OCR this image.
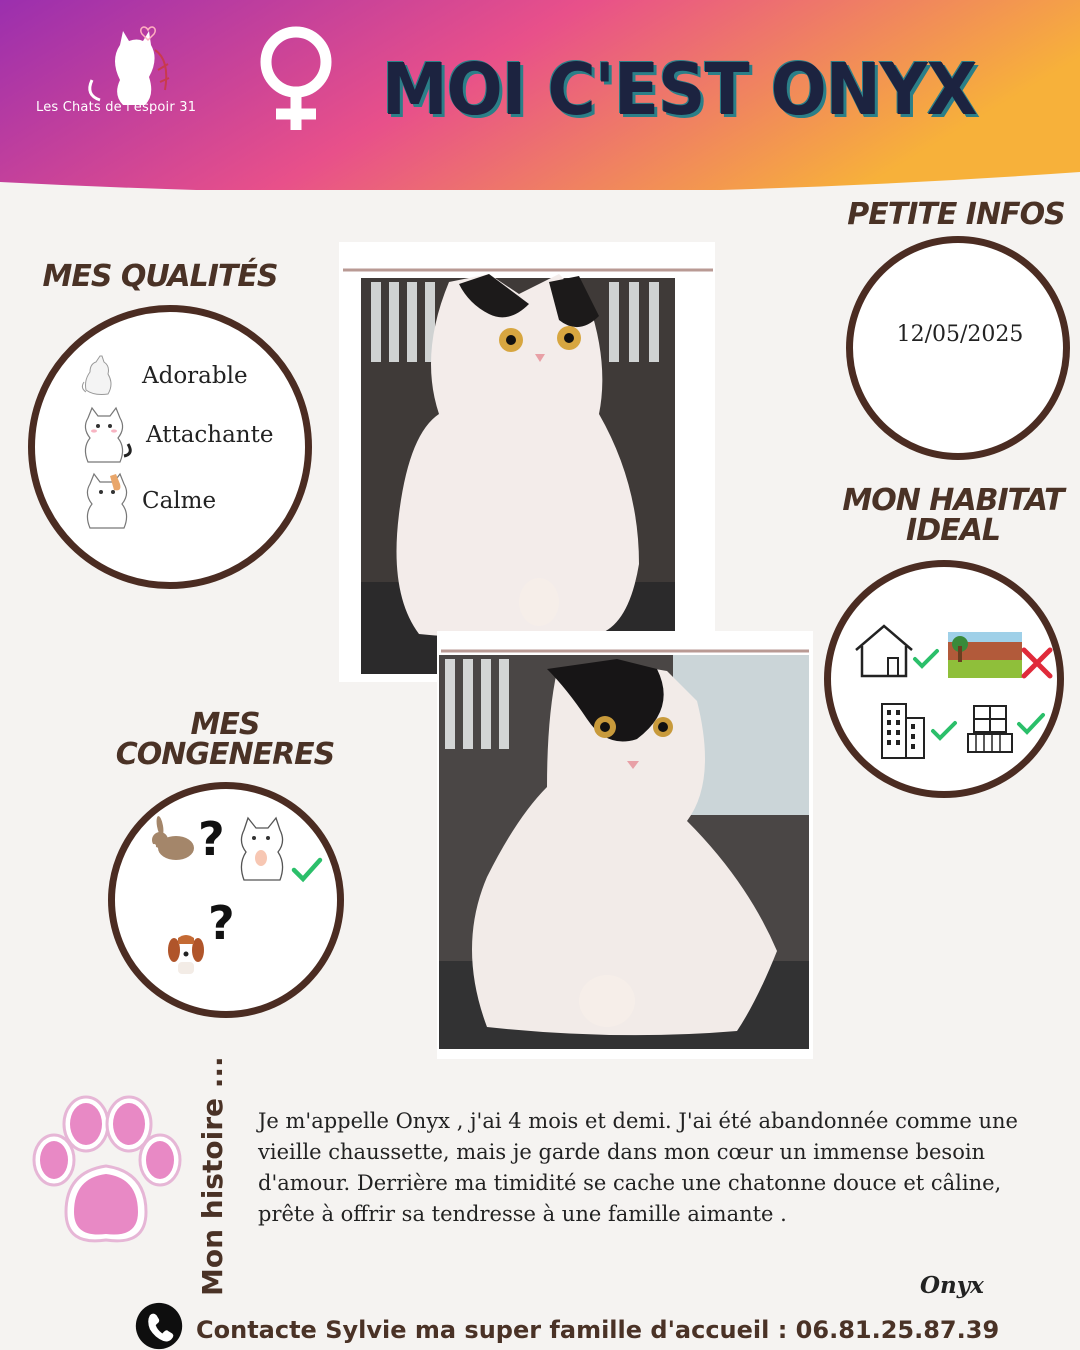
Les Chats de l'espoir 31	MOI C'EST ONYX
MES QUALITÉS
Adorable
Attachante
Calme
PETITE INFOS
12/05/2025
MON HABITAT
IDEAL
MES
CONGENERES
?
?
Mon histoire ... Je m'appelle Onyx , j'ai 4 mois et demi. J'ai été abandonnée comme une vieille chaussette, mais je garde dans mon cœur un immense besoin d'amour. Derrière ma timidité se cache une chatonne douce et câline, prête à offrir sa tendresse à une famille aimante .
Onyx
Contacte Sylvie ma super famille d'accueil : 06.81.25.87.39
